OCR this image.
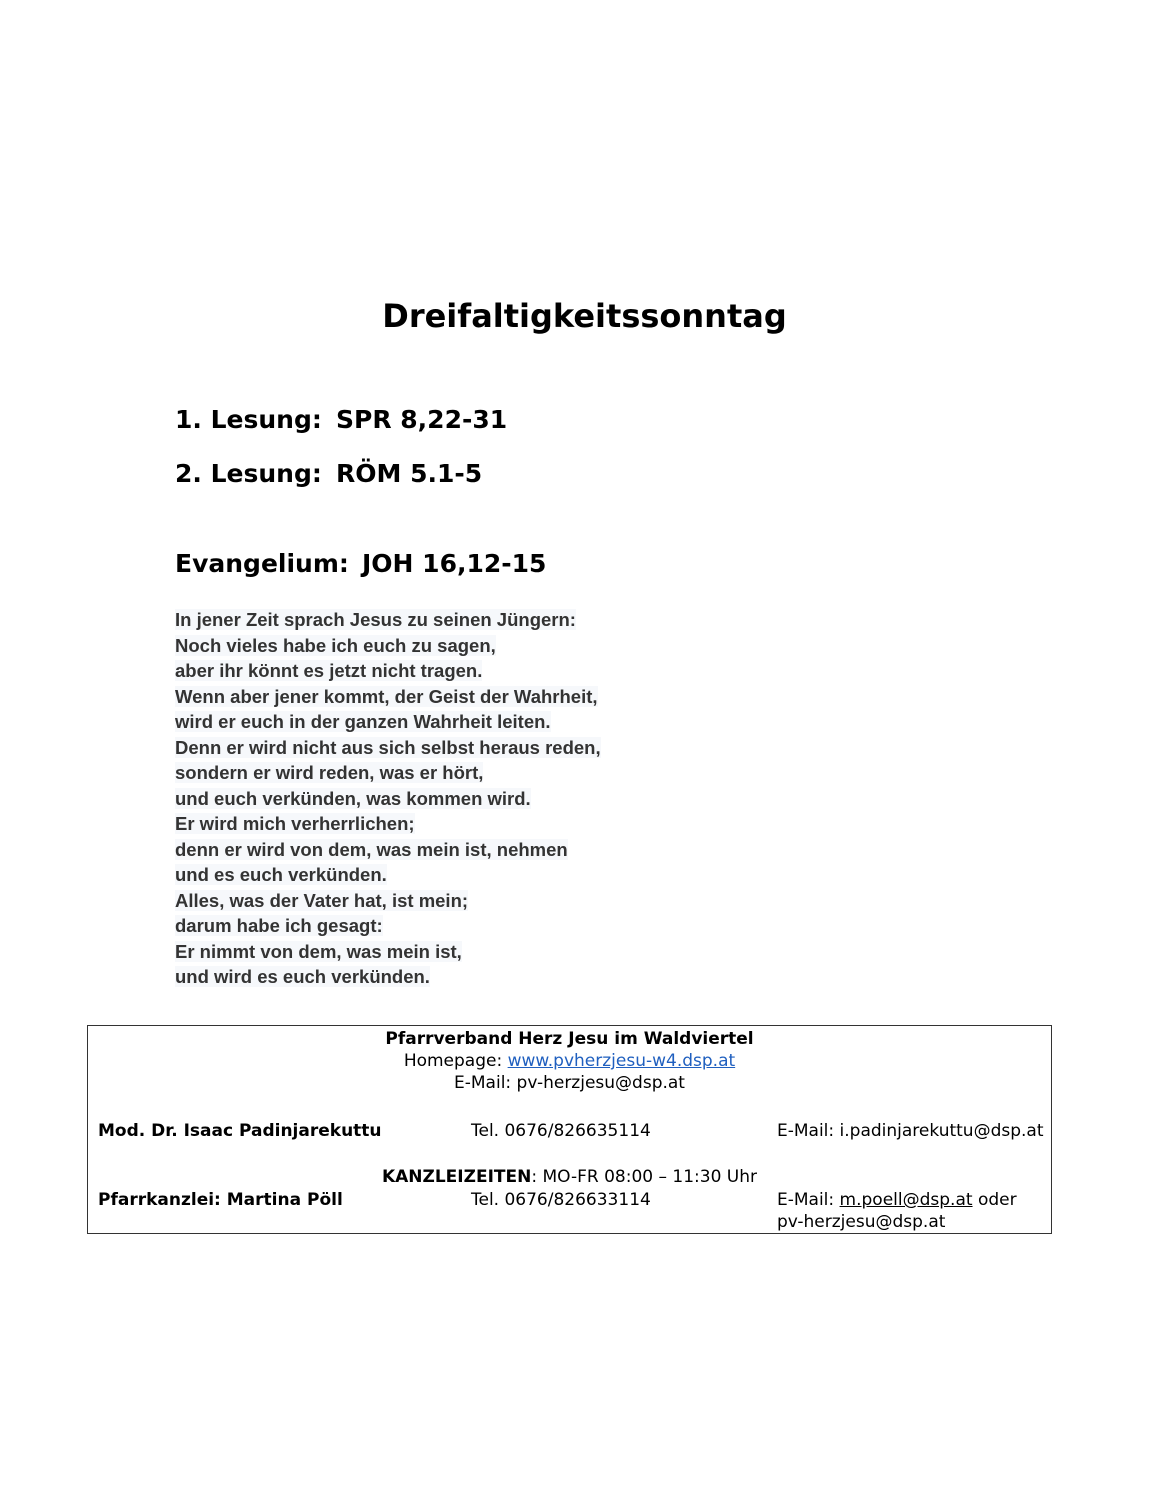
Dreifaltigkeitssonntag
1. Lesung: SPR 8,22-31
2. Lesung: RÖM 5.1-5
Evangelium: JOH 16,12-15
In jener Zeit sprach Jesus zu seinen Jüngern:
Noch vieles habe ich euch zu sagen,
aber ihr könnt es jetzt nicht tragen.
Wenn aber jener kommt, der Geist der Wahrheit,
wird er euch in der ganzen Wahrheit leiten.
Denn er wird nicht aus sich selbst heraus reden,
sondern er wird reden, was er hört,
und euch verkünden, was kommen wird.
Er wird mich verherrlichen;
denn er wird von dem, was mein ist, nehmen
und es euch verkünden.
Alles, was der Vater hat, ist mein;
darum habe ich gesagt:
Er nimmt von dem, was mein ist,
und wird es euch verkünden.
Pfarrverband Herz Jesu im Waldviertel
Homepage: www.pvherzjesu-w4.dsp.at
E-Mail: pv-herzjesu@dsp.at
Mod. Dr. Isaac Padinjarekuttu	Tel. 0676/826635114	E-Mail: i.padinjarekuttu@dsp.at
KANZLEIZEITEN: MO-FR 08:00 – 11:30 Uhr
Pfarrkanzlei: Martina Pöll	Tel. 0676/826633114	E-Mail: m.poell@dsp.at oder
pv-herzjesu@dsp.at
